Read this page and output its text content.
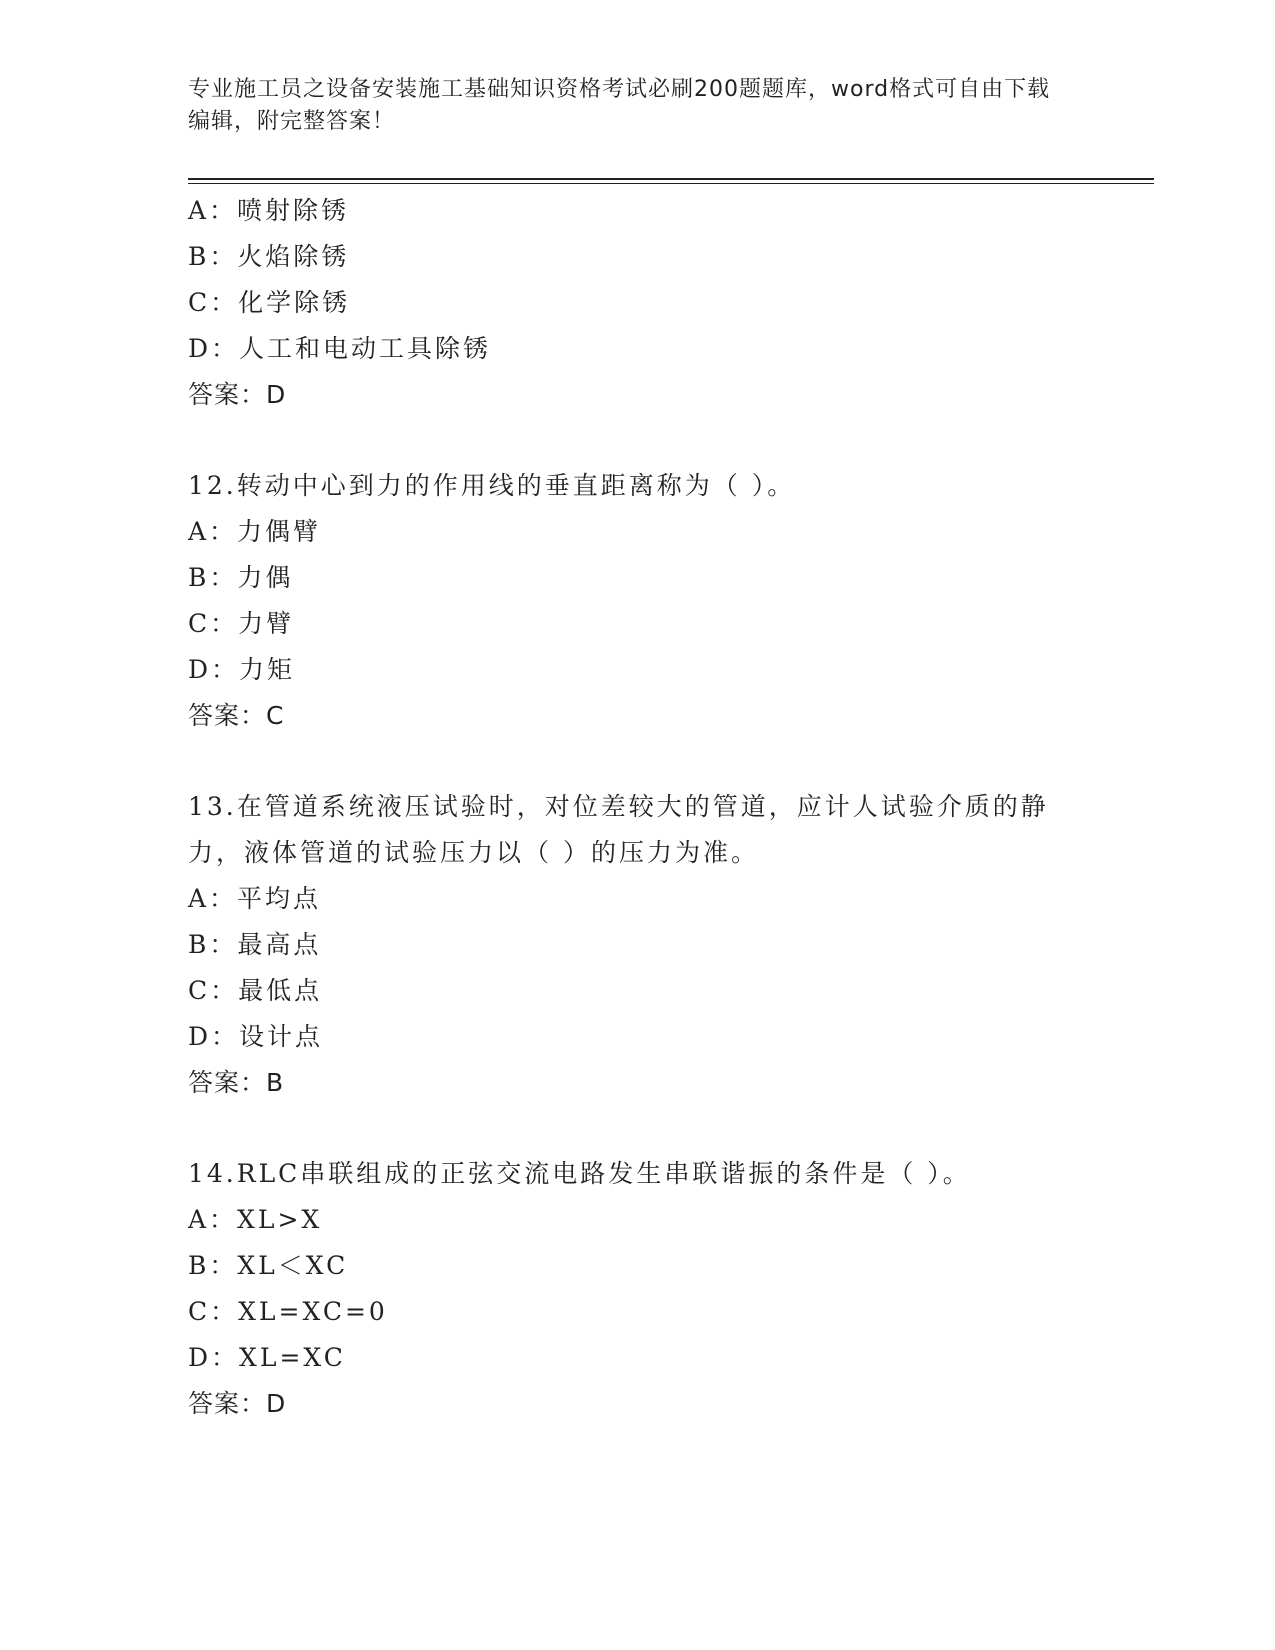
专业施工员之设备安装施工基础知识资格考试必刷200题题库，word格式可自由下载编辑，附完整答案！
A：喷射除锈
B：火焰除锈
C：化学除锈
D：人工和电动工具除锈
答案：D
12.转动中心到力的作用线的垂直距离称为（ ）。
A：力偶臂
B：力偶
C：力臂
D：力矩
答案：C
13.在管道系统液压试验时，对位差较大的管道，应计人试验介质的静力，液体管道的试验压力以（ ）的压力为准。
A：平均点
B：最高点
C：最低点
D：设计点
答案：B
14.RLC串联组成的正弦交流电路发生串联谐振的条件是（ ）。
A：XL>X
B：XL＜XC
C：XL=XC=0
D：XL=XC
答案：D
